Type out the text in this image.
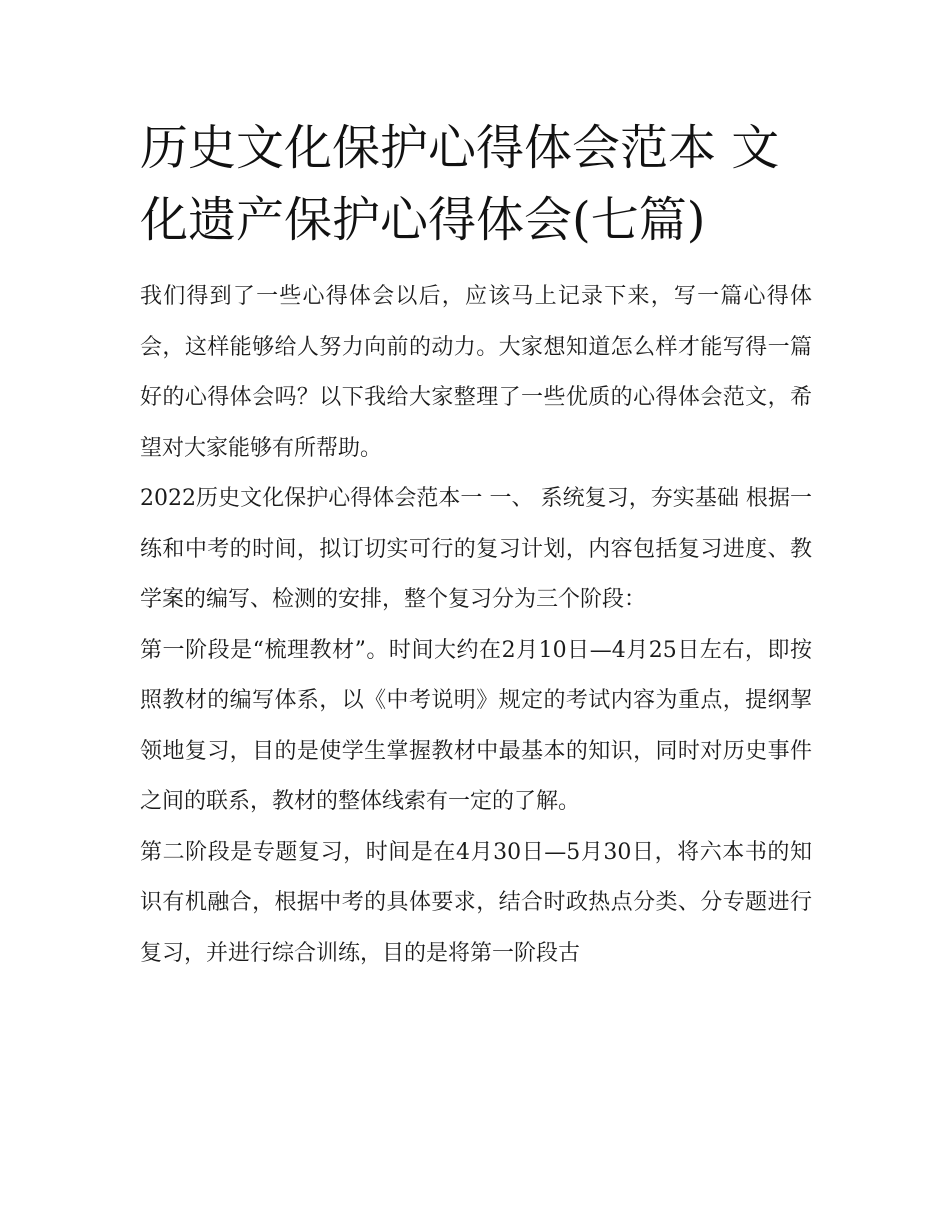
历史文化保护心得体会范本 文化遗产保护心得体会(七篇)

我们得到了一些心得体会以后，应该马上记录下来，写一篇心得体会，这样能够给人努力向前的动力。大家想知道怎么样才能写得一篇好的心得体会吗？以下我给大家整理了一些优质的心得体会范文，希望对大家能够有所帮助。

2022历史文化保护心得体会范本一 一、 系统复习，夯实基础 根据一练和中考的时间，拟订切实可行的复习计划，内容包括复习进度、教学案的编写、检测的安排，整个复习分为三个阶段：

第一阶段是“梳理教材”。时间大约在2月10日—4月25日左右，即按照教材的编写体系，以《中考说明》规定的考试内容为重点，提纲挈领地复习，目的是使学生掌握教材中最基本的知识，同时对历史事件之间的联系，教材的整体线索有一定的了解。

第二阶段是专题复习，时间是在4月30日—5月30日，将六本书的知识有机融合，根据中考的具体要求，结合时政热点分类、分专题进行复习，并进行综合训练，目的是将第一阶段古
